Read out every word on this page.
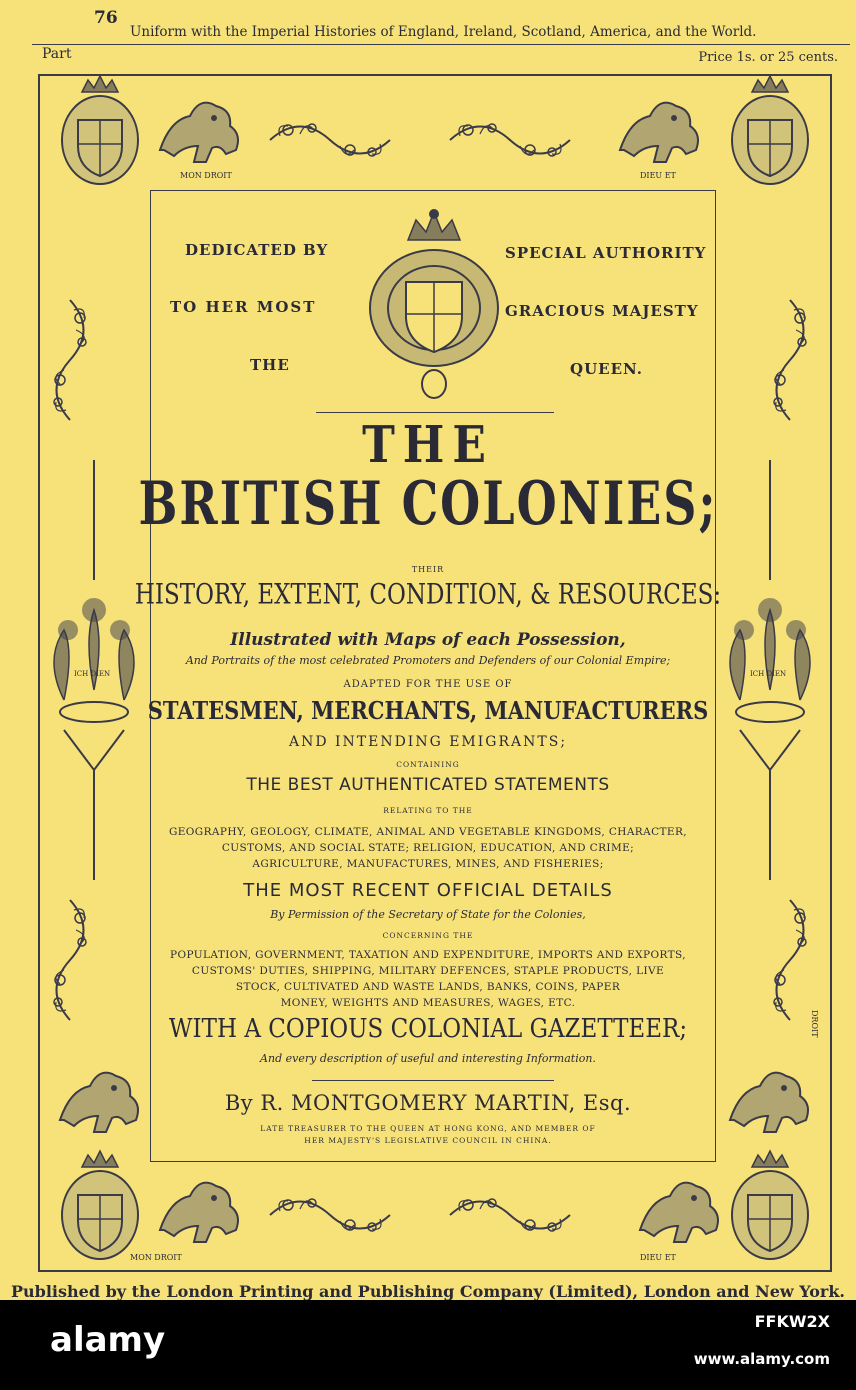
76
Uniform with the Imperial Histories of England, Ireland, Scotland, America, and the World.
Part	Price 1s. or 25 cents.
MON DROIT	DIEU ET
MON DROIT	DIEU ET
DROIT
ICH DIEN	ICH DIEN
DEDICATED BY	SPECIAL AUTHORITY
TO HER MOST	GRACIOUS MAJESTY
THE	QUEEN.
THE
BRITISH COLONIES;
THEIR
HISTORY, EXTENT, CONDITION, & RESOURCES:
Illustrated with Maps of each Possession,
And Portraits of the most celebrated Promoters and Defenders of our Colonial Empire;
ADAPTED FOR THE USE OF
STATESMEN, MERCHANTS, MANUFACTURERS
AND INTENDING EMIGRANTS;
CONTAINING
THE BEST AUTHENTICATED STATEMENTS
RELATING TO THE
GEOGRAPHY, GEOLOGY, CLIMATE, ANIMAL AND VEGETABLE KINGDOMS, CHARACTER,
CUSTOMS, AND SOCIAL STATE; RELIGION, EDUCATION, AND CRIME;
AGRICULTURE, MANUFACTURES, MINES, AND FISHERIES;
THE MOST RECENT OFFICIAL DETAILS
By Permission of the Secretary of State for the Colonies,
CONCERNING THE
POPULATION, GOVERNMENT, TAXATION AND EXPENDITURE, IMPORTS AND EXPORTS,
CUSTOMS' DUTIES, SHIPPING, MILITARY DEFENCES, STAPLE PRODUCTS, LIVE
STOCK, CULTIVATED AND WASTE LANDS, BANKS, COINS, PAPER
MONEY, WEIGHTS AND MEASURES, WAGES, ETC.
WITH A COPIOUS COLONIAL GAZETTEER;
And every description of useful and interesting Information.
By R. MONTGOMERY MARTIN, Esq.
LATE TREASURER TO THE QUEEN AT HONG KONG, AND MEMBER OF
HER MAJESTY'S LEGISLATIVE COUNCIL IN CHINA.
Published by the London Printing and Publishing Company (Limited), London and New York.
alamy	FFKW2X
www.alamy.com
